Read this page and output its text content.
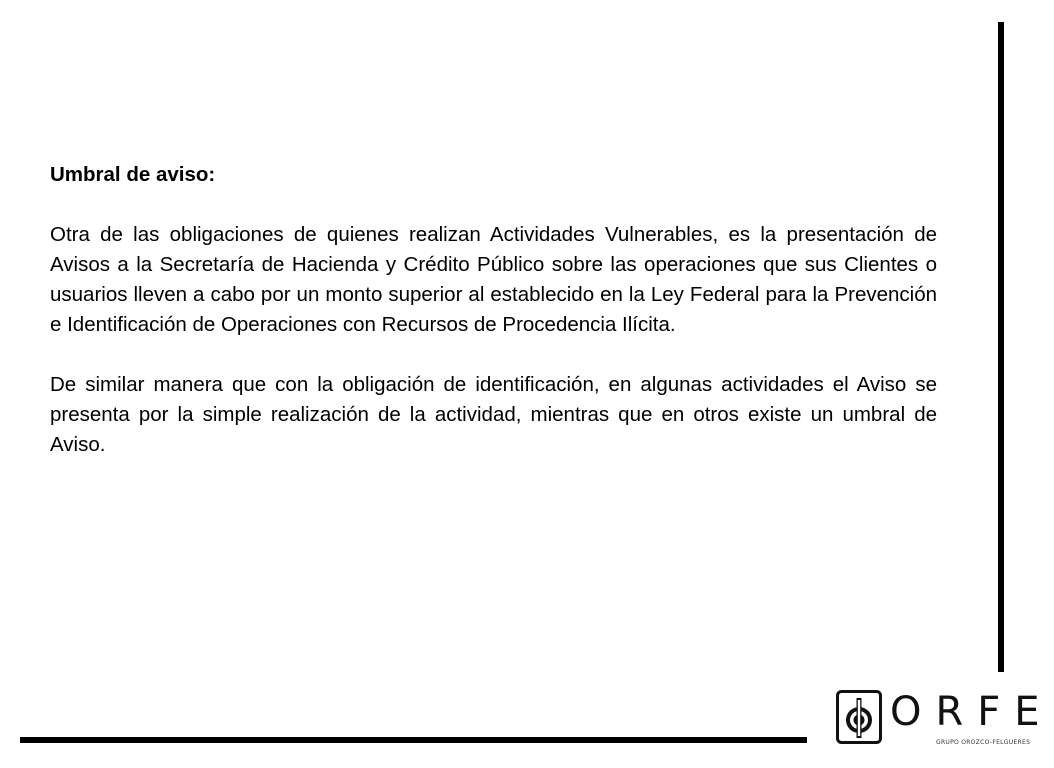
Umbral de aviso:

Otra de las obligaciones de quienes realizan Actividades Vulnerables, es la presentación de Avisos a la Secretaría de Hacienda y Crédito Público sobre las operaciones que sus Clientes o usuarios lleven a cabo por un monto superior al establecido en la Ley Federal para la Prevención e Identificación de Operaciones con Recursos de Procedencia Ilícita.

De similar manera que con la obligación de identificación, en algunas actividades el Aviso se presenta por la simple realización de la actividad, mientras que en otros existe un umbral de Aviso.

ORFE
GRUPO OROZCO-FELGUERES
